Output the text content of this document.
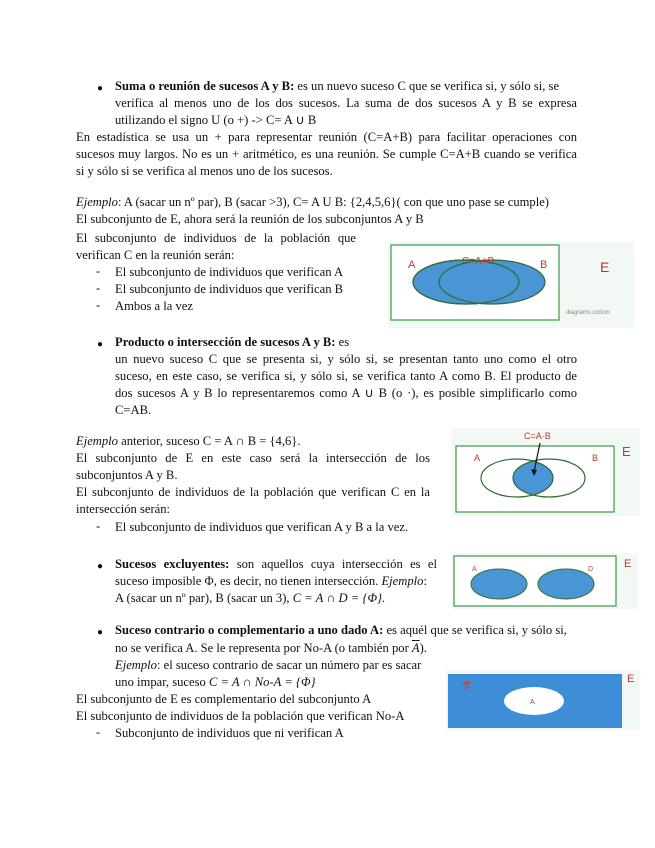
● Suma o reunión de sucesos A y B: es un nuevo suceso C que se verifica si, y sólo si, se
verifica al menos uno de los dos sucesos. La suma de dos sucesos A y B se expresa
utilizando el signo U (o +) -> C= A ∪ B
En estadística se usa un + para representar reunión (C=A+B) para facilitar operaciones con
sucesos muy largos. No es un + aritmético, es una reunión. Se cumple C=A+B cuando se verifica
si y sólo si se verifica al menos uno de los sucesos.
Ejemplo: A (sacar un nº par), B (sacar >3), C= A U B: {2,4,5,6}( con que uno pase se cumple)
El subconjunto de E, ahora será la reunión de los subconjuntos A y B
El subconjunto de individuos de la población que
verifican C en la reunión serán:
- El subconjunto de individuos que verifican A
- El subconjunto de individuos que verifican B
- Ambos a la vez
A	C=A+B	B	E
diagrams.co/lcm
● Producto o intersección de sucesos A y B: es
un nuevo suceso C que se presenta si, y sólo si, se presentan tanto uno como el otro
suceso, en este caso, se verifica si, y sólo si, se verifica tanto A como B. El producto de
dos sucesos A y B lo representaremos como A ∪ B (o ·), es posible simplificarlo como
C=AB.
Ejemplo anterior, suceso C = A ∩ B = {4,6}.
El subconjunto de E en este caso será la intersección de los
subconjuntos A y B.
El subconjunto de individuos de la población que verifican C en la
intersección serán:
- El subconjunto de individuos que verifican A y B a la vez.
C=A·B
A	B E
● Sucesos excluyentes: son aquellos cuya intersección es el
suceso imposible Φ, es decir, no tienen intersección. Ejemplo:
A (sacar un nº par), B (sacar un 3), C = A ∩ D = {Φ}.
A	D	E
● Suceso contrario o complementario a uno dado A: es aquél que se verifica si, y sólo si,
no se verifica A. Se le representa por No-A (o también por $\overline{A}$).
Ejemplo: el suceso contrario de sacar un número par es sacar
uno impar, suceso C = A ∩ No-A = {Φ}
El subconjunto de E es complementario del subconjunto A
El subconjunto de individuos de la población que verifican No-A
- Subconjunto de individuos que ni verifican A
A
A
E
